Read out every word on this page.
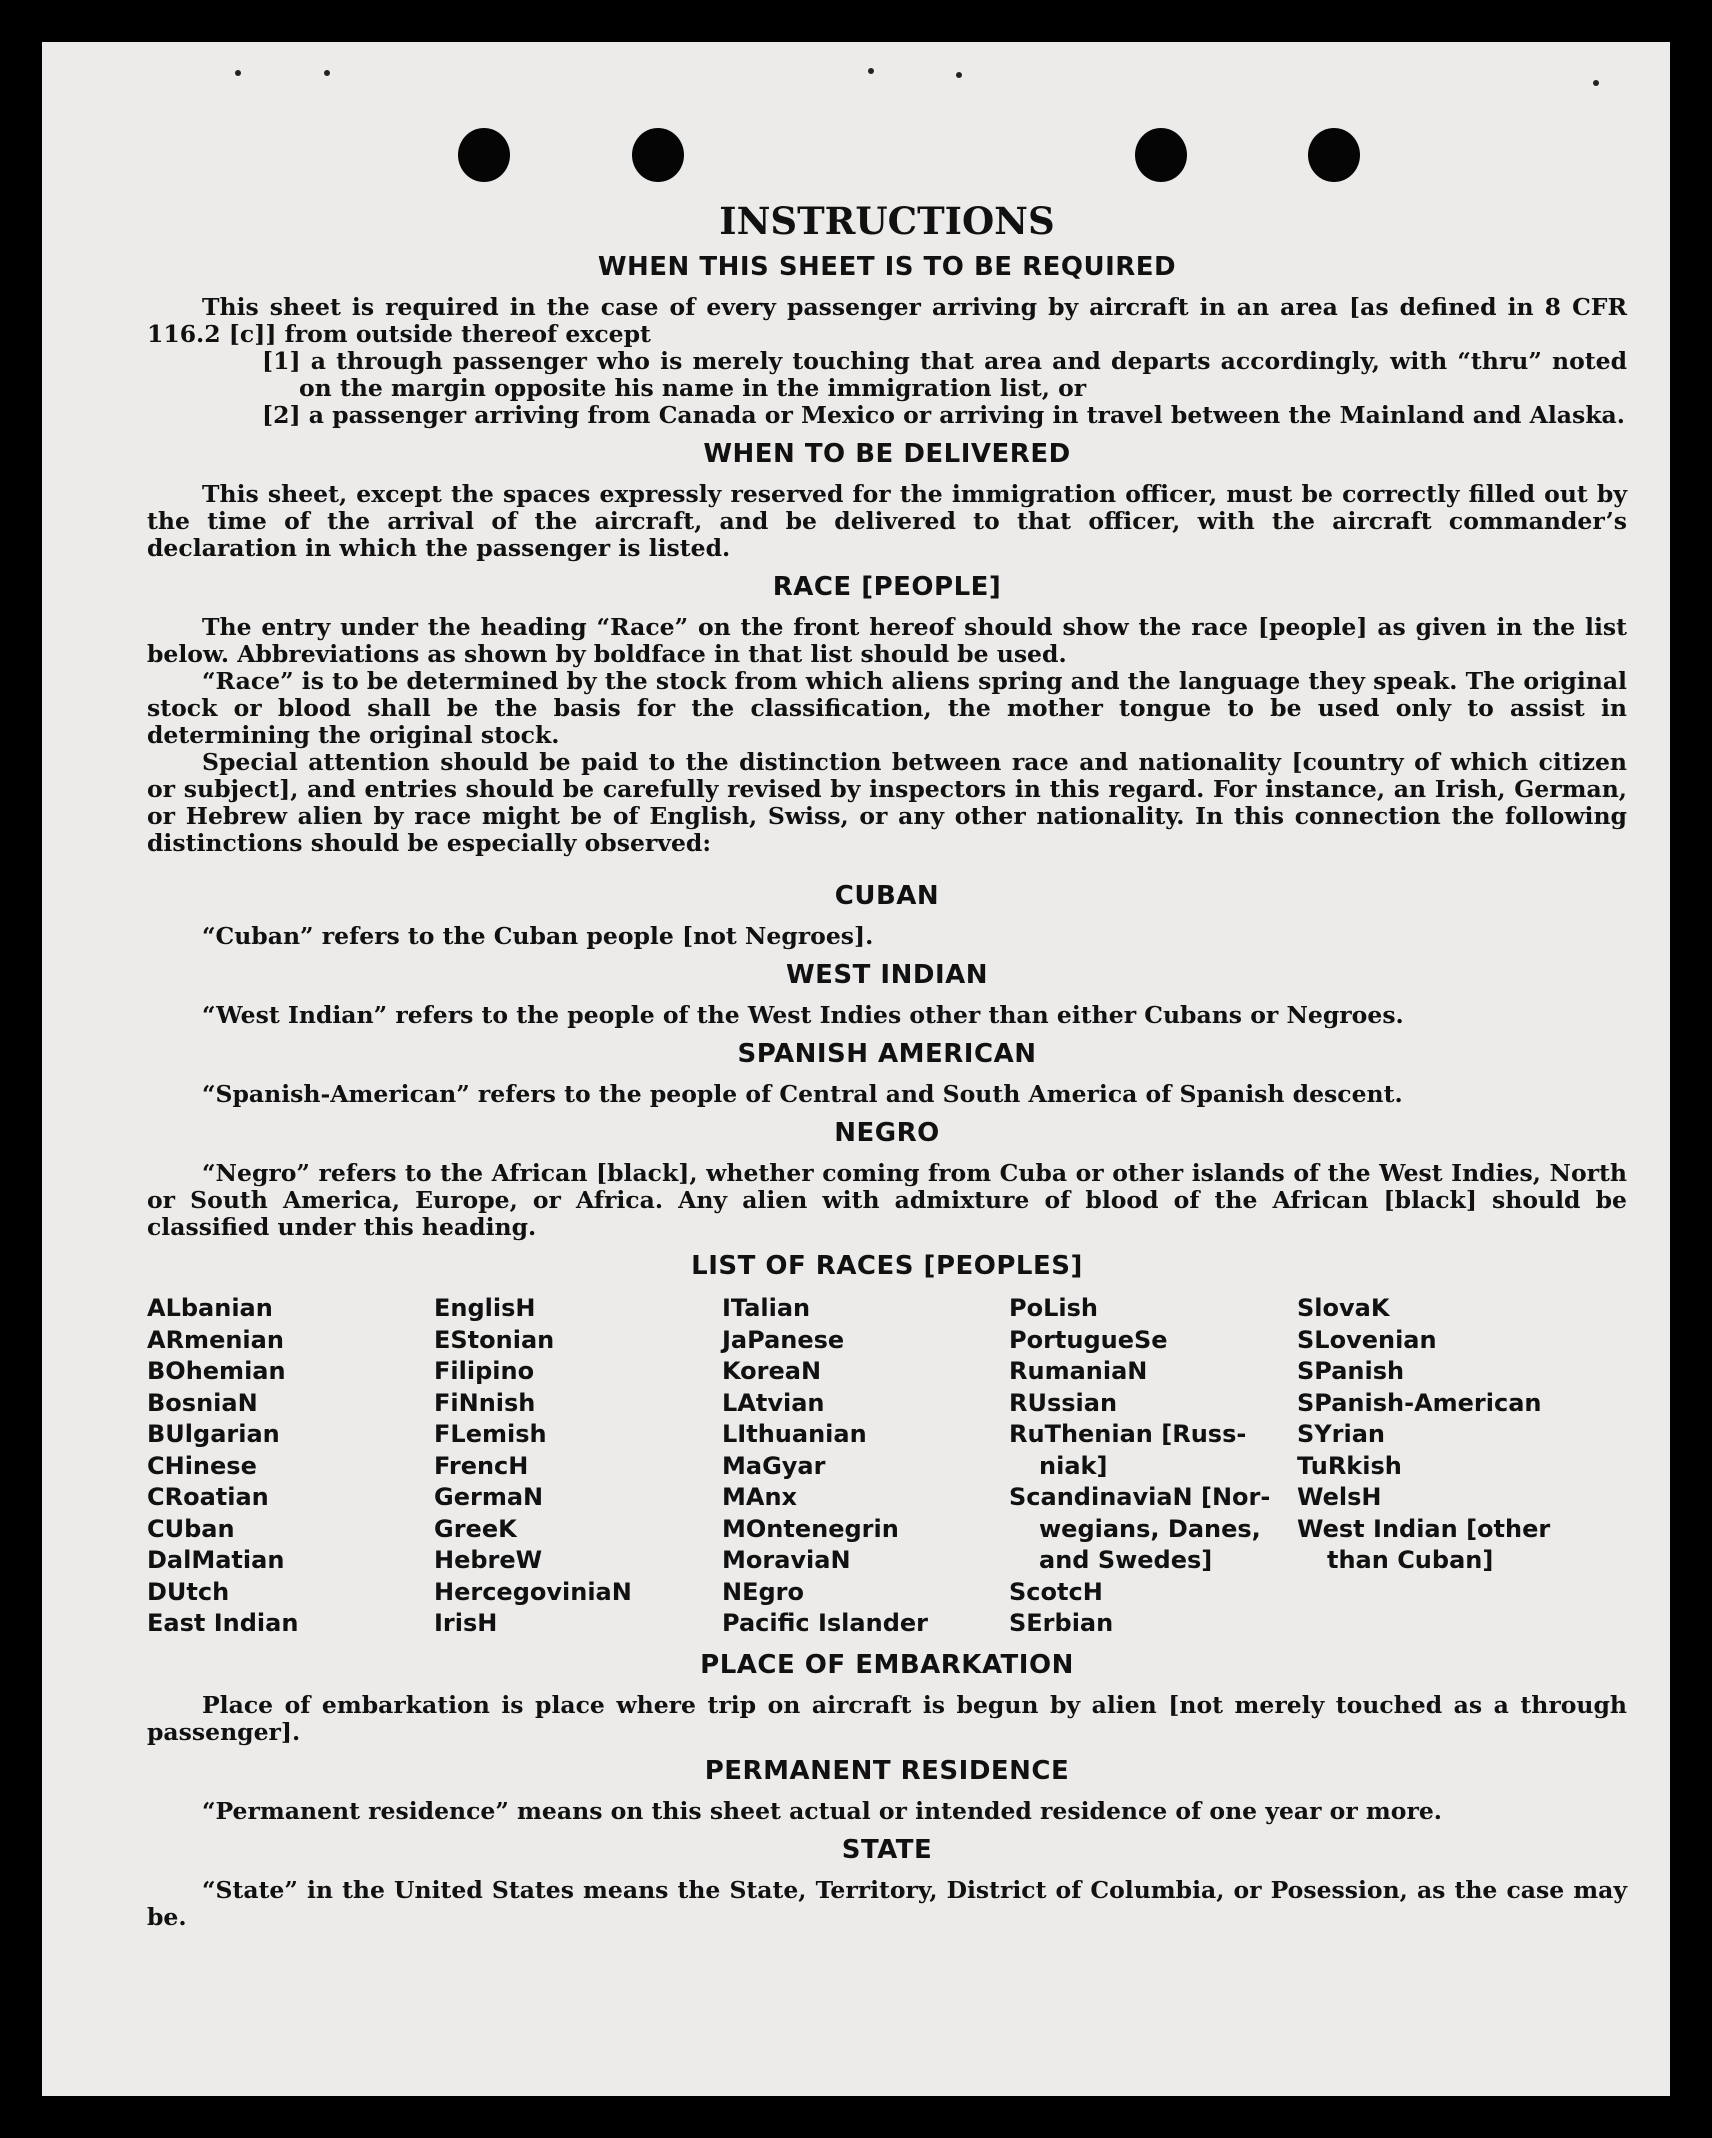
INSTRUCTIONS
WHEN THIS SHEET IS TO BE REQUIRED

This sheet is required in the case of every passenger arriving by aircraft in an area [as defined in 8 CFR 116.2 [c]] from outside thereof except

[1] a through passenger who is merely touching that area and departs accordingly, with “thru” noted on the margin opposite his name in the immigration list, or

[2] a passenger arriving from Canada or Mexico or arriving in travel between the Mainland and Alaska.

WHEN TO BE DELIVERED

This sheet, except the spaces expressly reserved for the immigration officer, must be correctly filled out by the time of the arrival of the aircraft, and be delivered to that officer, with the aircraft commander’s declaration in which the passenger is listed.

RACE [PEOPLE]

The entry under the heading “Race” on the front hereof should show the race [people] as given in the list below. Abbreviations as shown by boldface in that list should be used.

“Race” is to be determined by the stock from which aliens spring and the language they speak. The original stock or blood shall be the basis for the classification, the mother tongue to be used only to assist in determining the original stock.

Special attention should be paid to the distinction between race and nationality [country of which citizen or subject], and entries should be carefully revised by inspectors in this regard. For instance, an Irish, German, or Hebrew alien by race might be of English, Swiss, or any other nationality. In this connection the following distinctions should be especially observed:

CUBAN

“Cuban” refers to the Cuban people [not Negroes].

WEST INDIAN

“West Indian” refers to the people of the West Indies other than either Cubans or Negroes.

SPANISH AMERICAN

“Spanish-American” refers to the people of Central and South America of Spanish descent.

NEGRO

“Negro” refers to the African [black], whether coming from Cuba or other islands of the West Indies, North or South America, Europe, or Africa. Any alien with admixture of blood of the African [black] should be classified under this heading.

LIST OF RACES [PEOPLES]
ALbanian
ARmenian
BOhemian
BosniaN
BUlgarian
CHinese
CRoatian
CUban
DalMatian
DUtch
East Indian
EnglisH
EStonian
Filipino
FiNnish
FLemish
FrencH
GermaN
GreeK
HebreW
HercegoviniaN
IrisH
ITalian
JaPanese
KoreaN
LAtvian
LIthuanian
MaGyar
MAnx
MOntenegrin
MoraviaN
NEgro
Pacific Islander
PoLish
PortugueSe
RumaniaN
RUssian
RuThenian [Russ-
niak]
ScandinaviaN [Nor-
wegians, Danes,
and Swedes]
ScotcH
SErbian
SlovaK
SLovenian
SPanish
SPanish-American
SYrian
TuRkish
WelsH
West Indian [other
than Cuban]
PLACE OF EMBARKATION

Place of embarkation is place where trip on aircraft is begun by alien [not merely touched as a through passenger].

PERMANENT RESIDENCE

“Permanent residence” means on this sheet actual or intended residence of one year or more.

STATE

“State” in the United States means the State, Territory, District of Columbia, or Posession, as the case may be.
